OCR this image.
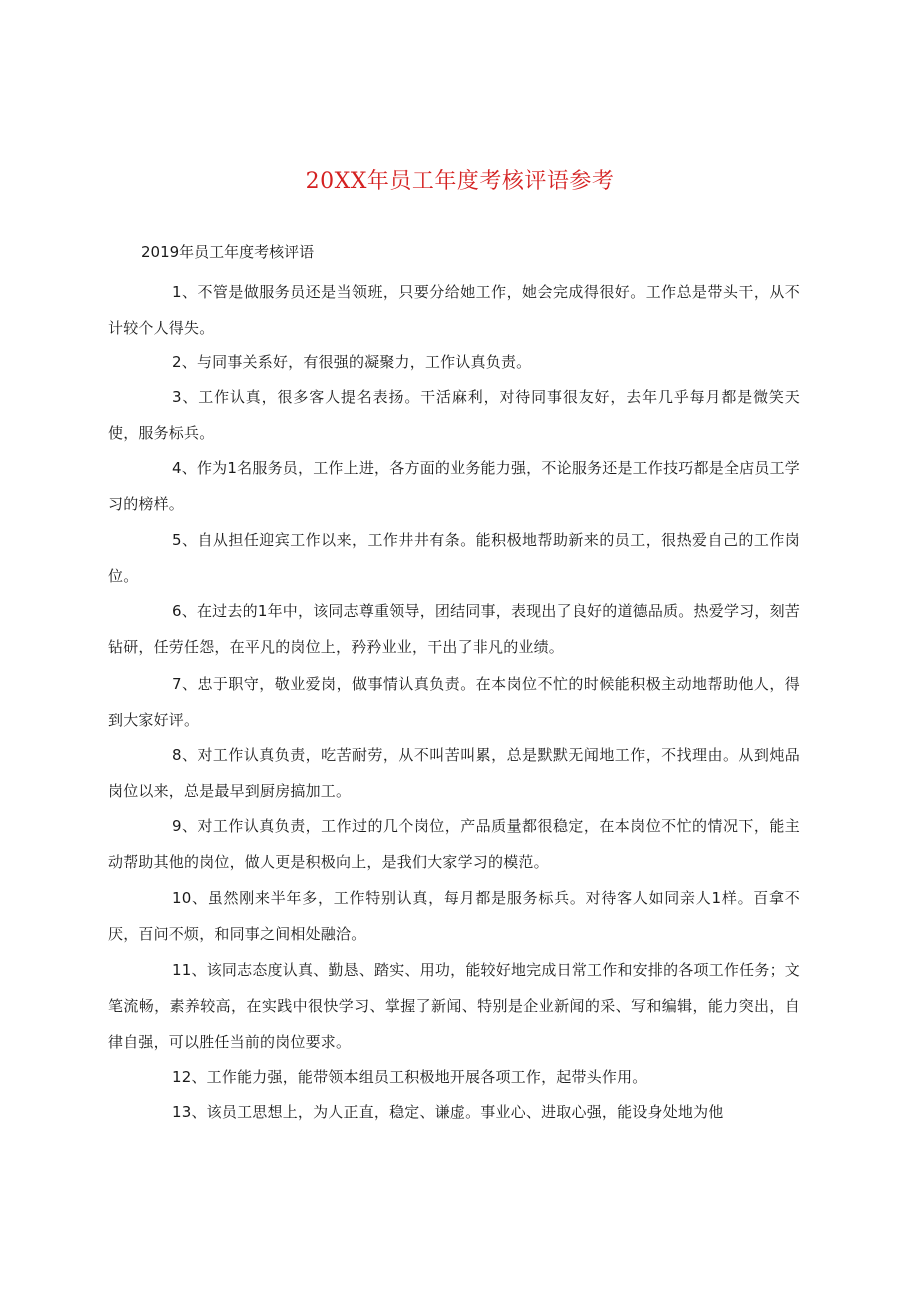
20XX年员工年度考核评语参考
2019年员工年度考核评语

1、不管是做服务员还是当领班，只要分给她工作，她会完成得很好。工作总是带头干，从不计较个人得失。

2、与同事关系好，有很强的凝聚力，工作认真负责。

3、工作认真，很多客人提名表扬。干活麻利，对待同事很友好，去年几乎每月都是微笑天使，服务标兵。

4、作为1名服务员，工作上进，各方面的业务能力强，不论服务还是工作技巧都是全店员工学习的榜样。

5、自从担任迎宾工作以来，工作井井有条。能积极地帮助新来的员工，很热爱自己的工作岗位。

6、在过去的1年中，该同志尊重领导，团结同事，表现出了良好的道德品质。热爱学习，刻苦钻研，任劳任怨，在平凡的岗位上，矜矜业业，干出了非凡的业绩。

7、忠于职守，敬业爱岗，做事情认真负责。在本岗位不忙的时候能积极主动地帮助他人，得到大家好评。

8、对工作认真负责，吃苦耐劳，从不叫苦叫累，总是默默无闻地工作，不找理由。从到炖品岗位以来，总是最早到厨房搞加工。

9、对工作认真负责，工作过的几个岗位，产品质量都很稳定，在本岗位不忙的情况下，能主动帮助其他的岗位，做人更是积极向上，是我们大家学习的模范。

10、虽然刚来半年多，工作特别认真，每月都是服务标兵。对待客人如同亲人1样。百拿不厌，百问不烦，和同事之间相处融洽。

11、该同志态度认真、勤恳、踏实、用功，能较好地完成日常工作和安排的各项工作任务；文笔流畅，素养较高，在实践中很快学习、掌握了新闻、特别是企业新闻的采、写和编辑，能力突出，自律自强，可以胜任当前的岗位要求。

12、工作能力强，能带领本组员工积极地开展各项工作，起带头作用。

13、该员工思想上，为人正直，稳定、谦虚。事业心、进取心强，能设身处地为他
